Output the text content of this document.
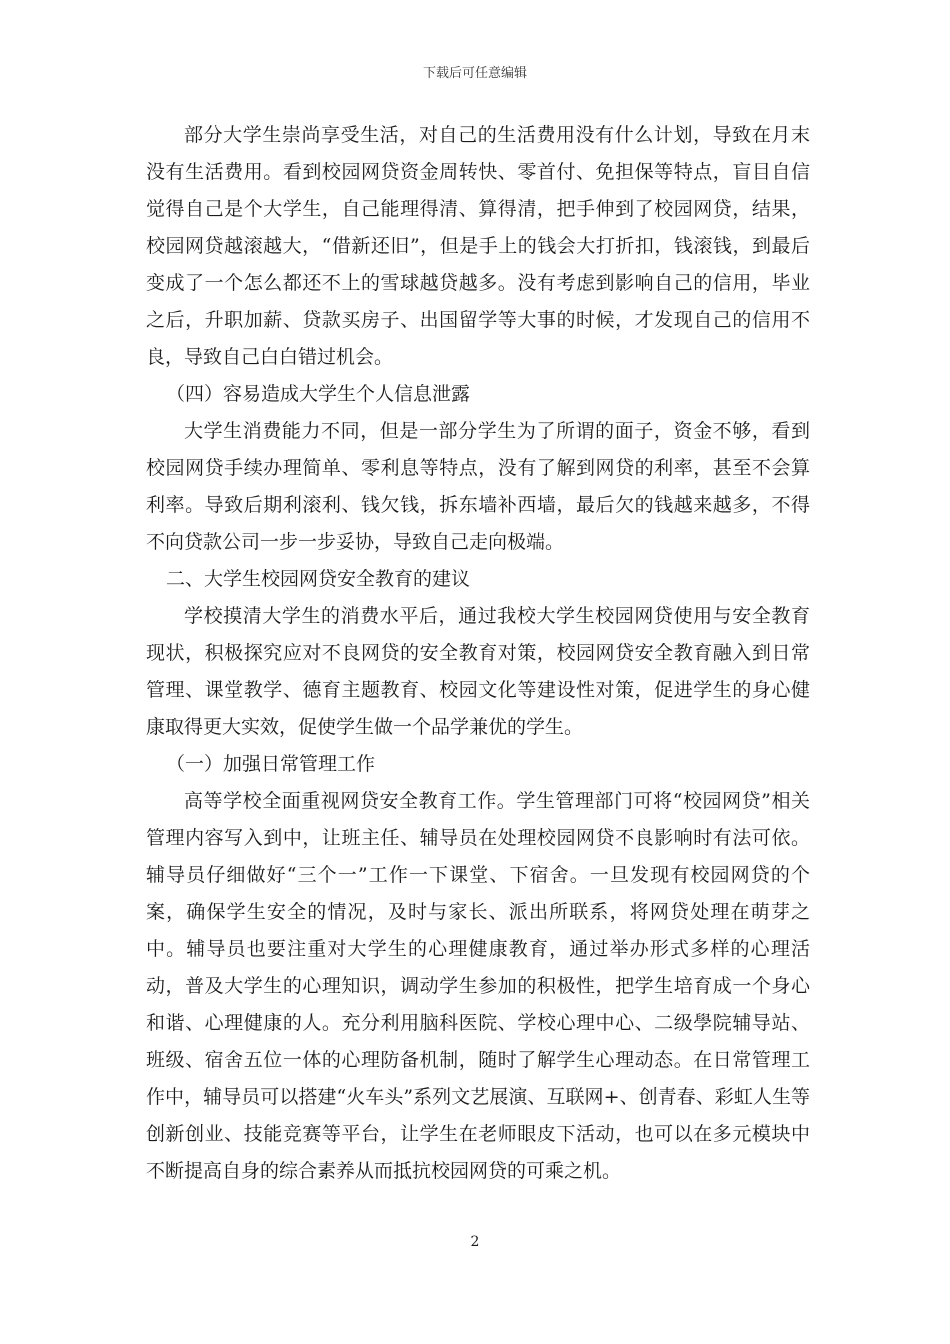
下载后可任意编辑

部分大学生崇尚享受生活，对自己的生活费用没有什么计划，导致在月末没有生活费用。看到校园网贷资金周转快、零首付、免担保等特点，盲目自信觉得自己是个大学生，自己能理得清、算得清，把手伸到了校园网贷，结果，校园网贷越滚越大，“借新还旧”，但是手上的钱会大打折扣，钱滚钱，到最后变成了一个怎么都还不上的雪球越贷越多。没有考虑到影响自己的信用，毕业之后，升职加薪、贷款买房子、出国留学等大事的时候，才发现自己的信用不良，导致自己白白错过机会。

（四）容易造成大学生个人信息泄露

大学生消费能力不同，但是一部分学生为了所谓的面子，资金不够，看到校园网贷手续办理简单、零利息等特点，没有了解到网贷的利率，甚至不会算利率。导致后期利滚利、钱欠钱，拆东墙补西墙，最后欠的钱越来越多，不得不向贷款公司一步一步妥协，导致自己走向极端。

二、大学生校园网贷安全教育的建议

学校摸清大学生的消费水平后，通过我校大学生校园网贷使用与安全教育现状，积极探究应对不良网贷的安全教育对策，校园网贷安全教育融入到日常管理、课堂教学、德育主题教育、校园文化等建设性对策，促进学生的身心健康取得更大实效，促使学生做一个品学兼优的学生。

（一）加强日常管理工作

高等学校全面重视网贷安全教育工作。学生管理部门可将“校园网贷”相关管理内容写入到中，让班主任、辅导员在处理校园网贷不良影响时有法可依。辅导员仔细做好“三个一”工作一下课堂、下宿舍。一旦发现有校园网贷的个案，确保学生安全的情况，及时与家长、派出所联系，将网贷处理在萌芽之中。辅导员也要注重对大学生的心理健康教育，通过举办形式多样的心理活动，普及大学生的心理知识，调动学生参加的积极性，把学生培育成一个身心和谐、心理健康的人。充分利用脑科医院、学校心理中心、二级學院辅导站、班级、宿舍五位一体的心理防备机制，随时了解学生心理动态。在日常管理工作中，辅导员可以搭建“火车头”系列文艺展演、互联网+、创青春、彩虹人生等创新创业、技能竞赛等平台，让学生在老师眼皮下活动，也可以在多元模块中不断提高自身的综合素养从而抵抗校园网贷的可乘之机。

2
